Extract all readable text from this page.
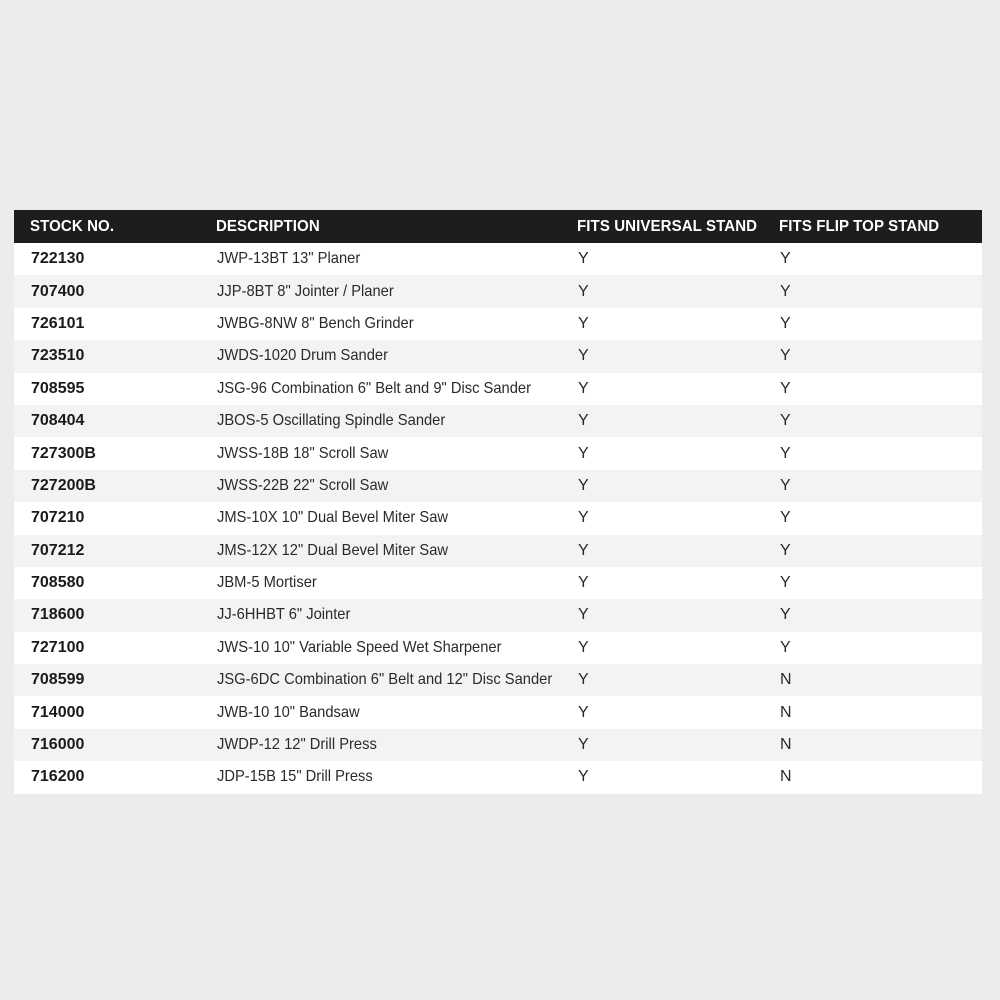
STOCK NO.	DESCRIPTION	FITS UNIVERSAL STAND	FITS FLIP TOP STAND
722130	JWP-13BT 13" Planer	Y	Y
707400	JJP-8BT 8" Jointer / Planer	Y	Y
726101	JWBG-8NW 8" Bench Grinder	Y	Y
723510	JWDS-1020 Drum Sander	Y	Y
708595	JSG-96 Combination 6" Belt and 9" Disc Sander	Y	Y
708404	JBOS-5 Oscillating Spindle Sander	Y	Y
727300B	JWSS-18B 18" Scroll Saw	Y	Y
727200B	JWSS-22B 22" Scroll Saw	Y	Y
707210	JMS-10X 10" Dual Bevel Miter Saw	Y	Y
707212	JMS-12X 12" Dual Bevel Miter Saw	Y	Y
708580	JBM-5 Mortiser	Y	Y
718600	JJ-6HHBT 6" Jointer	Y	Y
727100	JWS-10 10" Variable Speed Wet Sharpener	Y	Y
708599	JSG-6DC Combination 6" Belt and 12" Disc Sander	Y	N
714000	JWB-10 10" Bandsaw	Y	N
716000	JWDP-12 12" Drill Press	Y	N
716200	JDP-15B 15" Drill Press	Y	N
